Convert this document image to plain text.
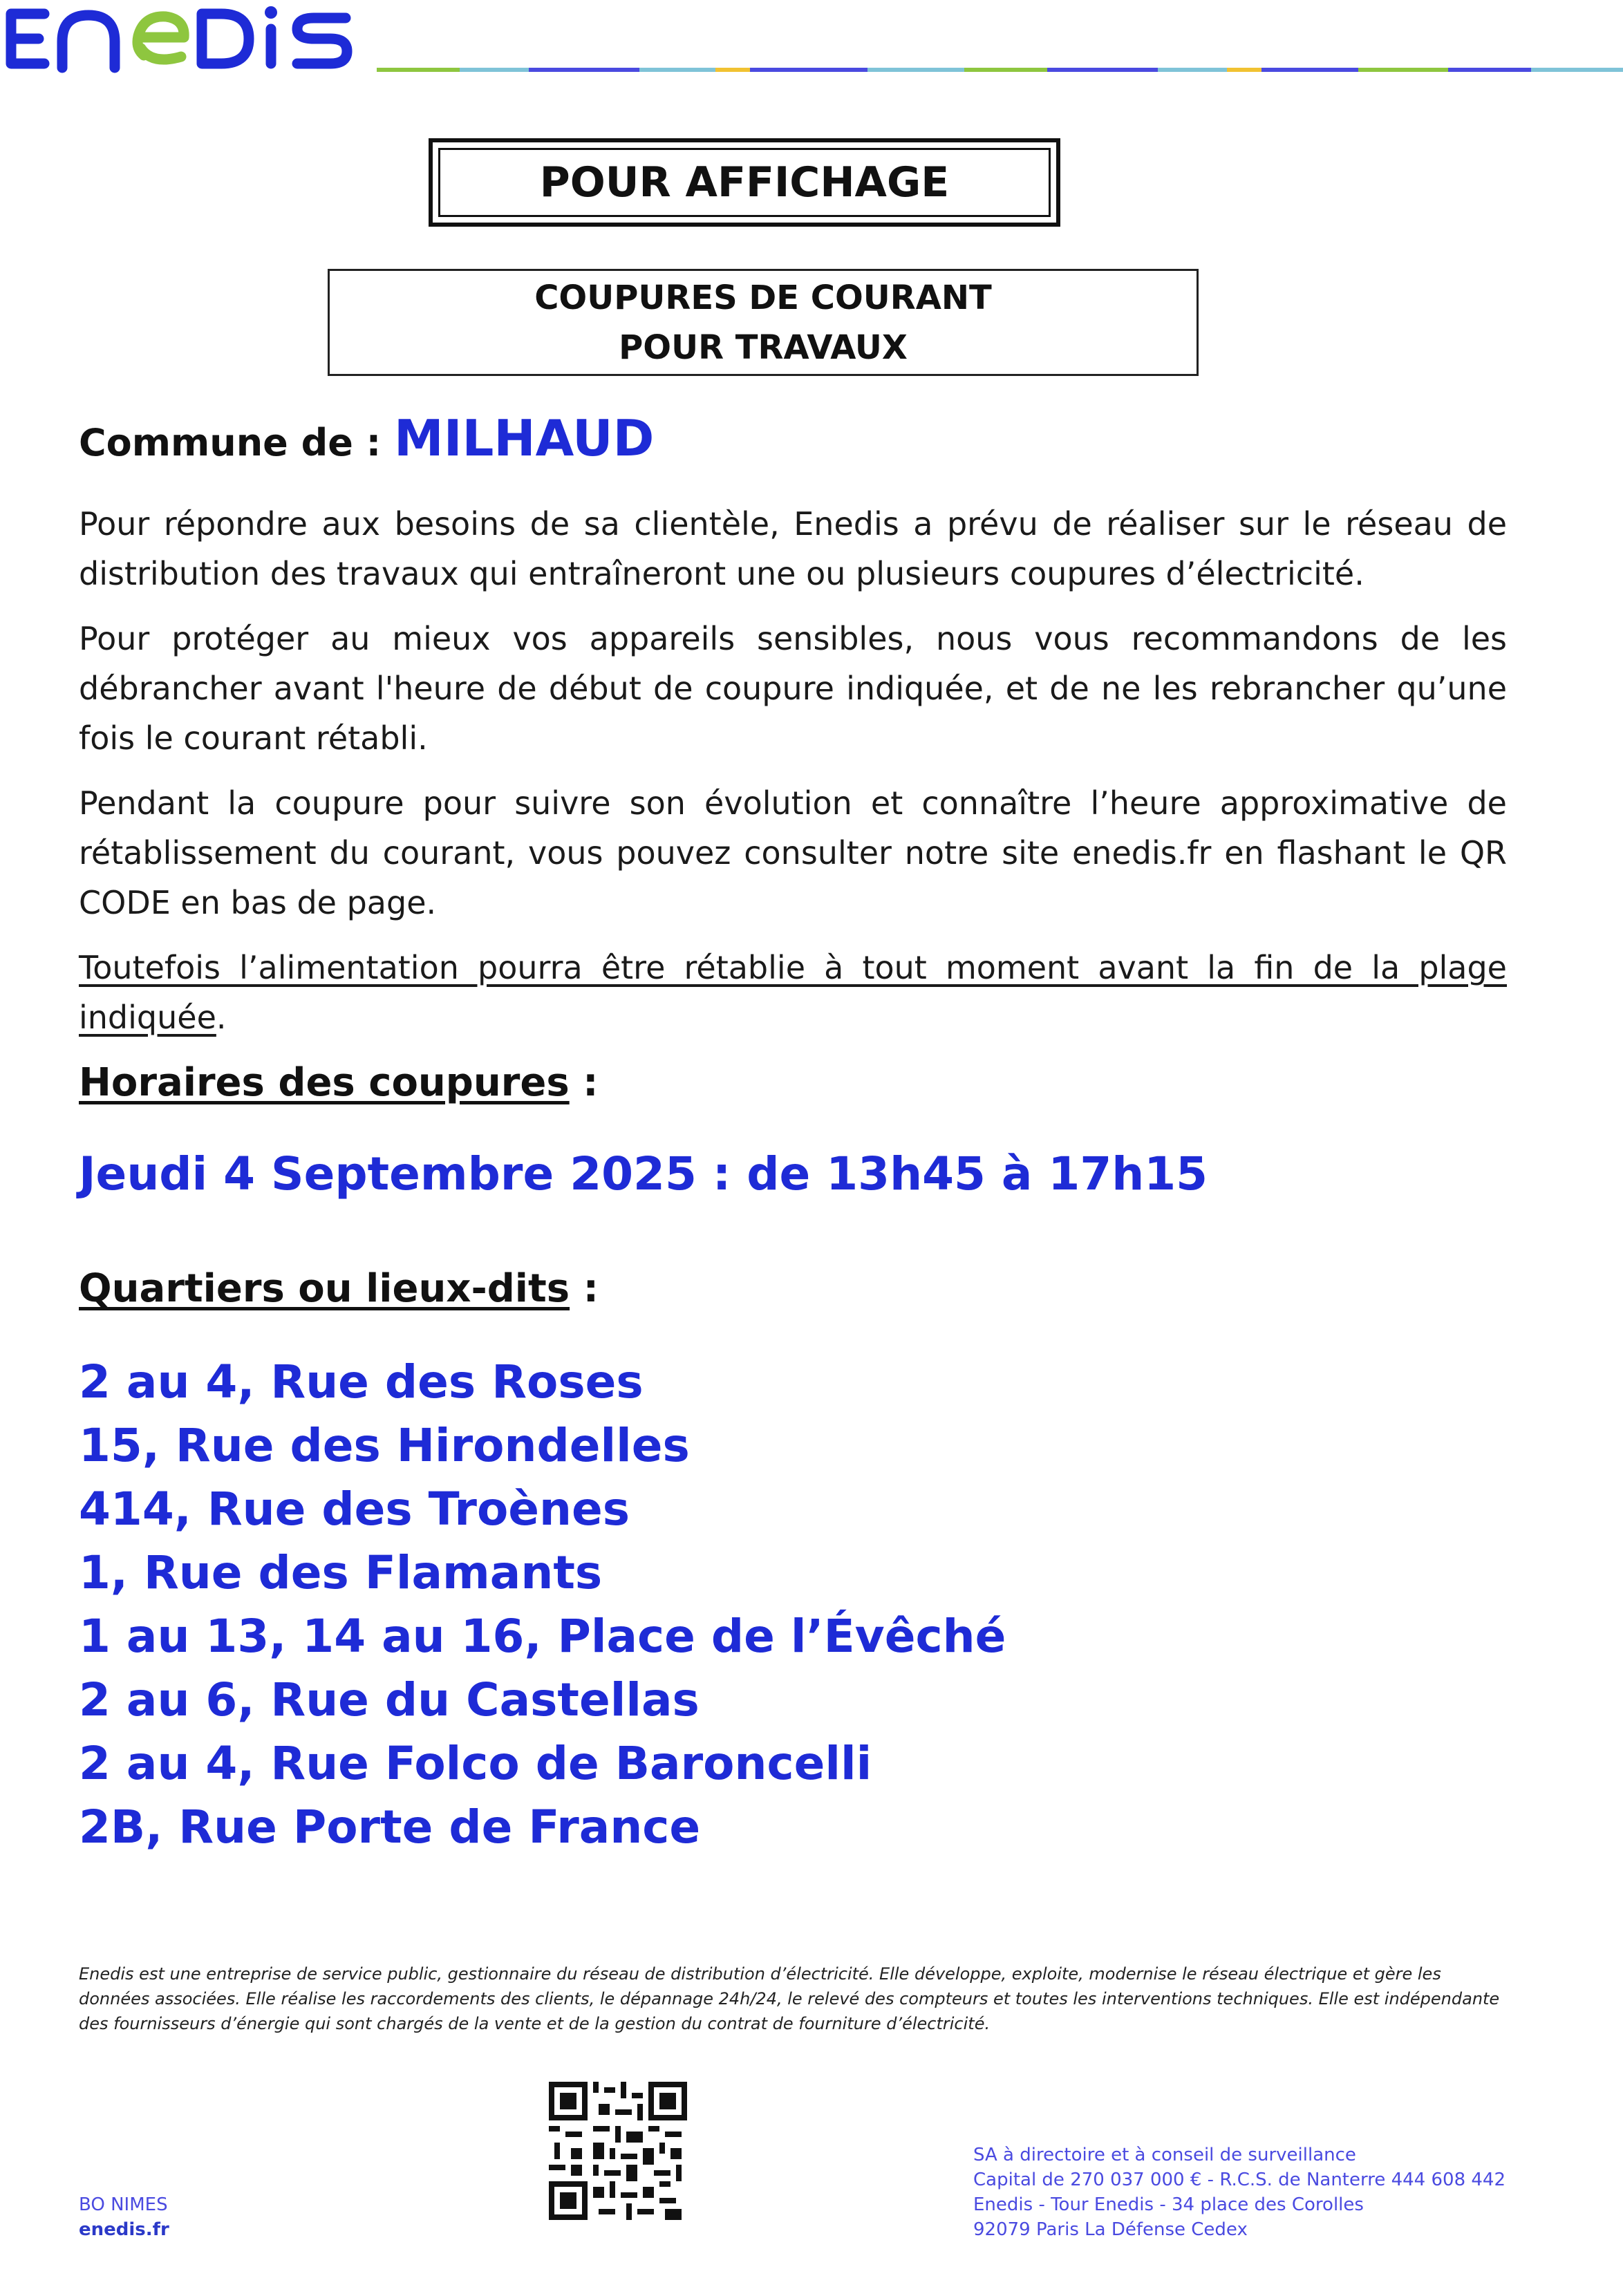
POUR AFFICHAGE
COUPURES DE COURANT
POUR TRAVAUX
Commune de : MILHAUD

Pour répondre aux besoins de sa clientèle, Enedis a prévu de réaliser sur le réseau de distribution des travaux qui entraîneront une ou plusieurs coupures d’électricité.

Pour protéger au mieux vos appareils sensibles, nous vous recommandons de les débrancher avant l'heure de début de coupure indiquée, et de ne les rebrancher qu’une fois le courant rétabli.

Pendant la coupure pour suivre son évolution et connaître l’heure approximative de rétablissement du courant, vous pouvez consulter notre site enedis.fr en flashant le QR CODE en bas de page.

Toutefois l’alimentation pourra être rétablie à tout moment avant la fin de la plage indiquée.

Horaires des coupures :
Jeudi 4 Septembre 2025 : de 13h45 à 17h15
Quartiers ou lieux-dits :
2 au 4, Rue des Roses
15, Rue des Hirondelles
414, Rue des Troènes
1, Rue des Flamants
1 au 13, 14 au 16, Place de l’Évêché
2 au 6, Rue du Castellas
2 au 4, Rue Folco de Baroncelli
2B, Rue Porte de France
Enedis est une entreprise de service public, gestionnaire du réseau de distribution d’électricité. Elle développe, exploite, modernise le réseau électrique et gère les données associées. Elle réalise les raccordements des clients, le dépannage 24h/24, le relevé des compteurs et toutes les interventions techniques. Elle est indépendante des fournisseurs d’énergie qui sont chargés de la vente et de la gestion du contrat de fourniture d’électricité.
BO NIMES
enedis.fr
SA à directoire et à conseil de surveillance
Capital de 270 037 000 € - R.C.S. de Nanterre 444 608 442
Enedis - Tour Enedis - 34 place des Corolles
92079 Paris La Défense Cedex
